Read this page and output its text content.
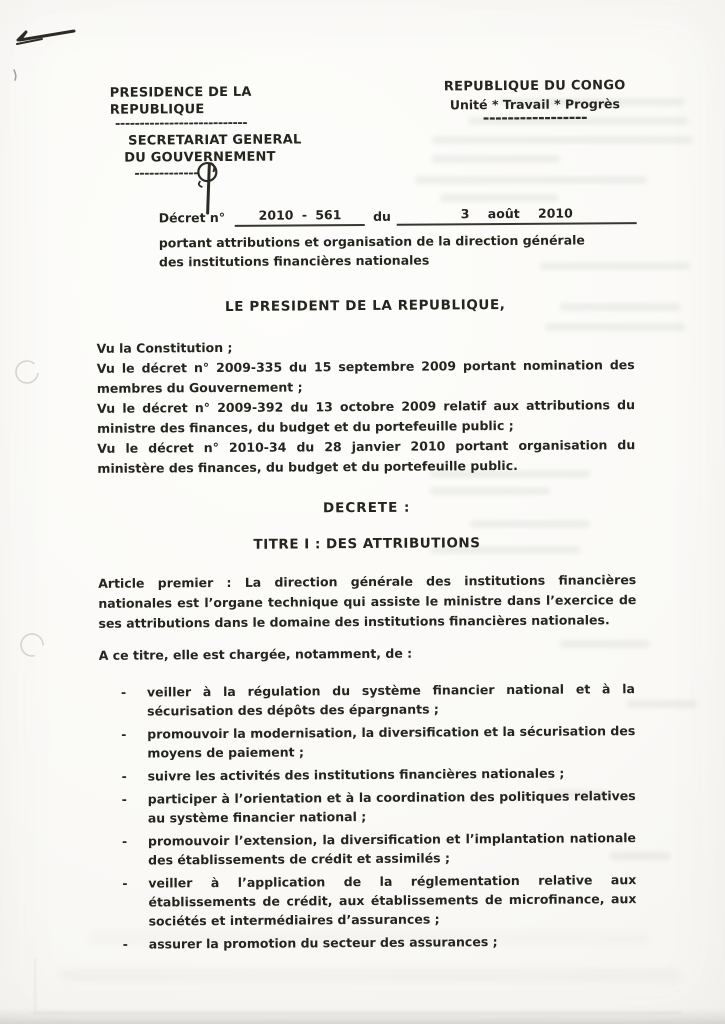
PRESIDENCE DE LA REPUBLIQUE
---------------------------
SECRETARIAT GENERAL
DU GOUVERNEMENT
-------------
REPUBLIQUE DU CONGO
Unité * Travail * Progrès
-----------------
Décret n°	2010 - 561	du	3 août 2010
portant attributions et organisation de la direction générale
des institutions financières nationales
LE PRESIDENT DE LA REPUBLIQUE,

Vu la Constitution ;

Vu le décret n° 2009-335 du 15 septembre 2009 portant nomination des membres du Gouvernement ;

Vu le décret n° 2009-392 du 13 octobre 2009 relatif aux attributions du ministre des finances, du budget et du portefeuille public ;

Vu le décret n° 2010-34 du 28 janvier 2010 portant organisation du ministère des finances, du budget et du portefeuille public.

DECRETE :
TITRE I : DES ATTRIBUTIONS
Article premier : La direction générale des institutions financières nationales est l’organe technique qui assiste le ministre dans l’exercice de ses attributions dans le domaine des institutions financières nationales.
A ce titre, elle est chargée, notamment, de :
-	veiller à la régulation du système financier national et à la sécurisation des dépôts des épargnants ;
-	promouvoir la modernisation, la diversification et la sécurisation des moyens de paiement ;
-	suivre les activités des institutions financières nationales ;
-	participer à l’orientation et à la coordination des politiques relatives au système financier national ;
-	promouvoir l’extension, la diversification et l’implantation nationale des établissements de crédit et assimilés ;
-	veiller à l’application de la réglementation relative aux établissements de crédit, aux établissements de microfinance, aux sociétés et intermédiaires d’assurances ;
-	assurer la promotion du secteur des assurances ;
